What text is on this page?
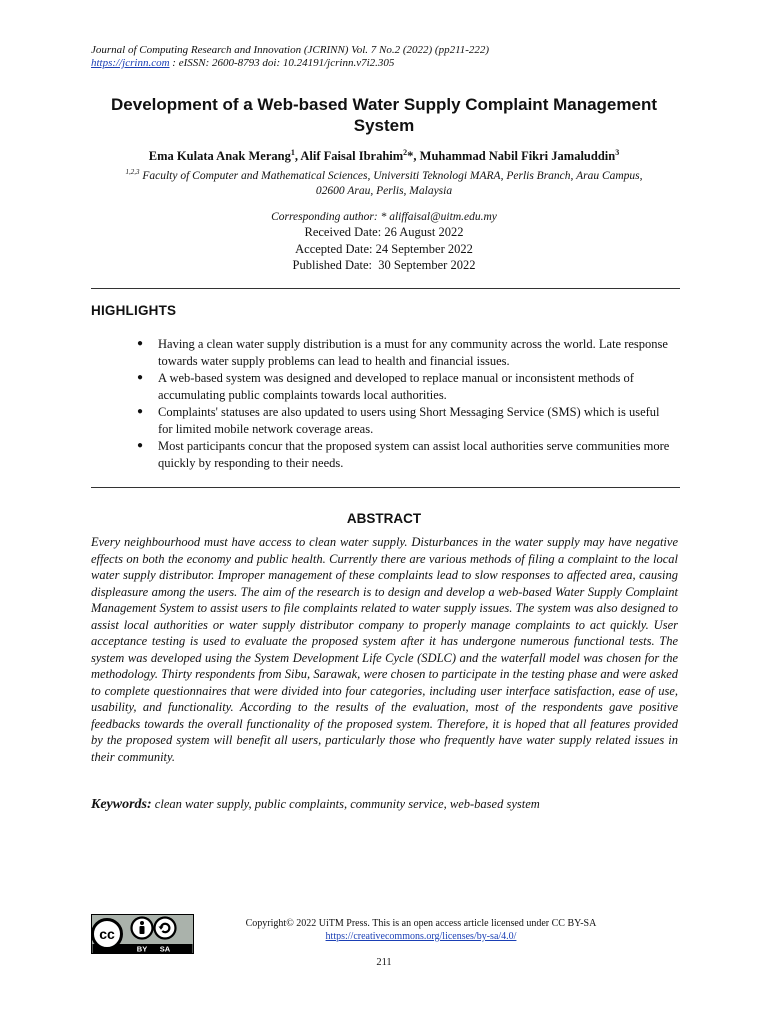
Journal of Computing Research and Innovation (JCRINN) Vol. 7 No.2 (2022) (pp211-222)
https://jcrinn.com : eISSN: 2600-8793 doi: 10.24191/jcrinn.v7i2.305
Development of a Web-based Water Supply Complaint Management System
Ema Kulata Anak Merang$^1$, Alif Faisal Ibrahim$^2$*, Muhammad Nabil Fikri Jamaluddin$^3$
$^{1,2,3}$ Faculty of Computer and Mathematical Sciences, Universiti Teknologi MARA, Perlis Branch, Arau Campus,
02600 Arau, Perlis, Malaysia
Corresponding author: * aliffaisal@uitm.edu.my
Received Date: 26 August 2022
Accepted Date: 24 September 2022
Published Date:  30 September 2022
HIGHLIGHTS
● Having a clean water supply distribution is a must for any community across the world. Late response towards water supply problems can lead to health and financial issues.
● A web-based system was designed and developed to replace manual or inconsistent methods of accumulating public complaints towards local authorities.
● Complaints' statuses are also updated to users using Short Messaging Service (SMS) which is useful for limited mobile network coverage areas.
● Most participants concur that the proposed system can assist local authorities serve communities more quickly by responding to their needs.
ABSTRACT

Every neighbourhood must have access to clean water supply. Disturbances in the water supply may have negative effects on both the economy and public health. Currently there are various methods of filing a complaint to the local water supply distributor. Improper management of these complaints lead to slow responses to affected area, causing displeasure among the users. The aim of the research is to design and develop a web-based Water Supply Complaint Management System to assist users to file complaints related to water supply issues. The system was also designed to assist local authorities or water supply distributor company to properly manage complaints to act quickly. User acceptance testing is used to evaluate the proposed system after it has undergone numerous functional tests. The system was developed using the System Development Life Cycle (SDLC) and the waterfall model was chosen for the methodology. Thirty respondents from Sibu, Sarawak, were chosen to participate in the testing phase and were asked to complete questionnaires that were divided into four categories, including user interface satisfaction, ease of use, usability, and functionality. According to the results of the evaluation, most of the respondents gave positive feedbacks towards the overall functionality of the proposed system. Therefore, it is hoped that all features provided by the proposed system will benefit all users, particularly those who frequently have water supply related issues in their community.

Keywords: clean water supply, public complaints, community service, web-based system
cc
BY SA
Copyright© 2022 UiTM Press. This is an open access article licensed under CC BY-SA
https://creativecommons.org/licenses/by-sa/4.0/
211
